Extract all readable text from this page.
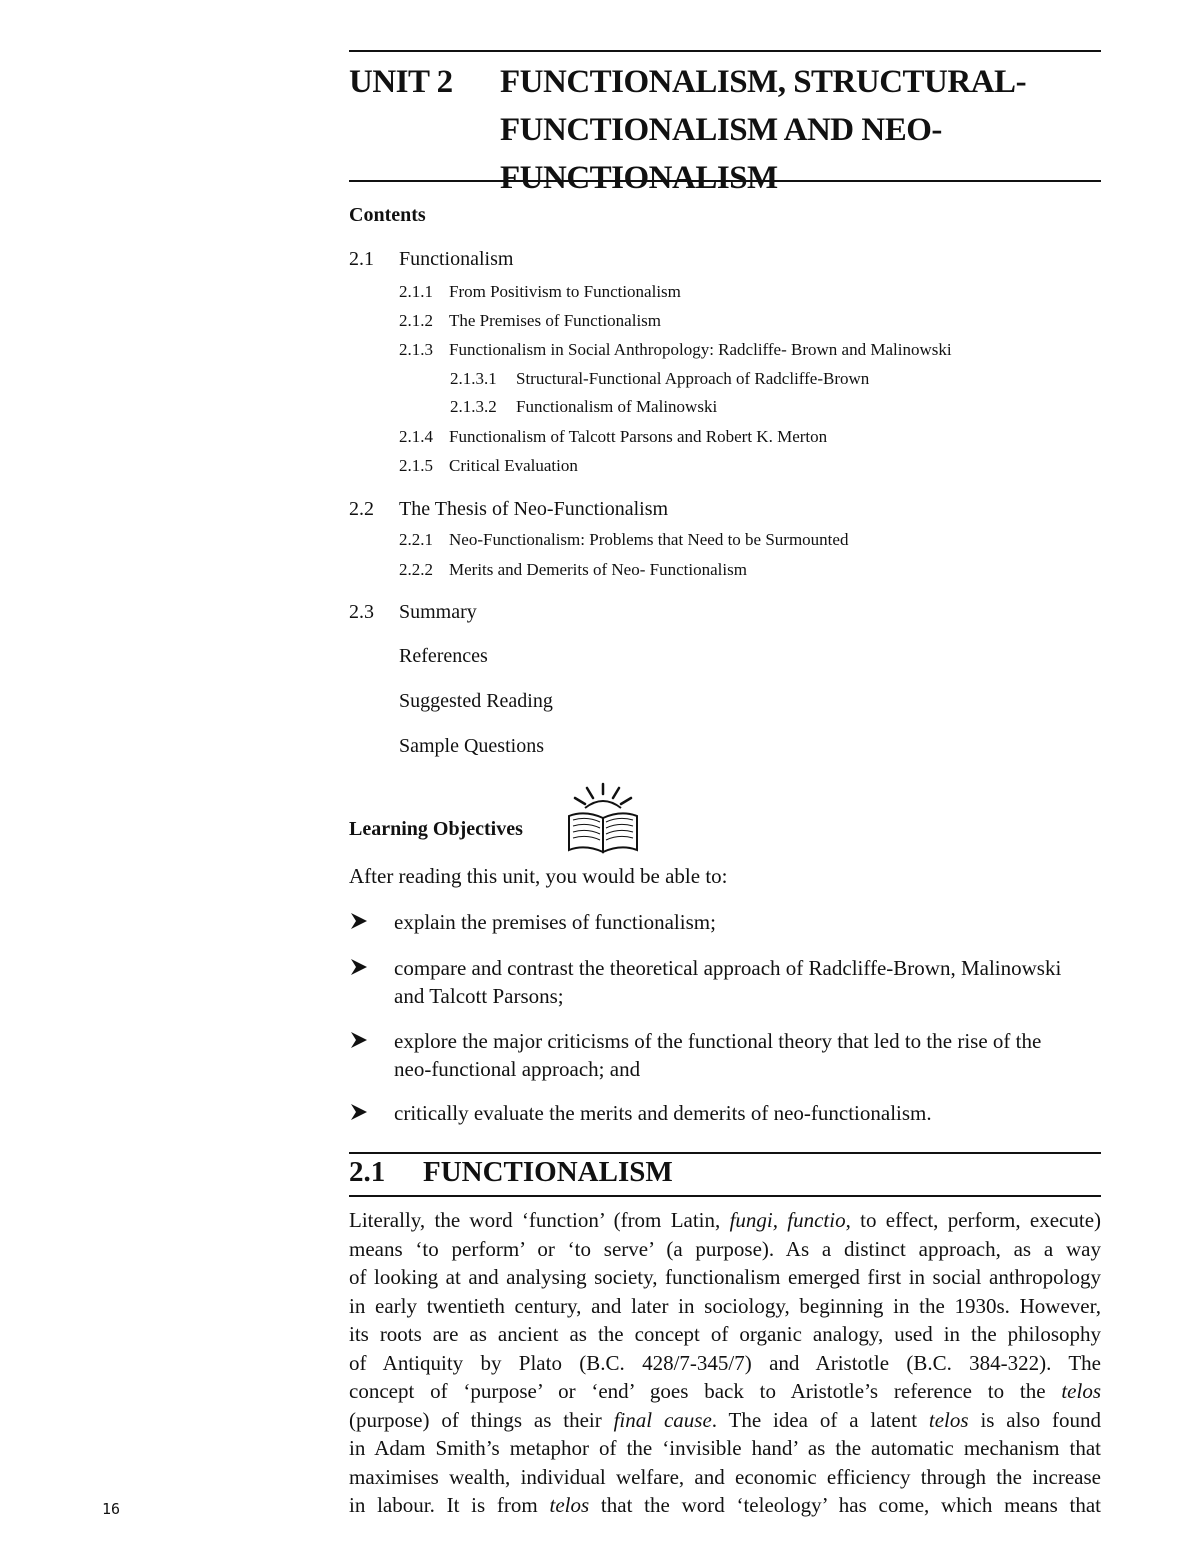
UNIT 2	FUNCTIONALISM, STRUCTURAL-
FUNCTIONALISM AND NEO-
FUNCTIONALISM
Contents
2.1 Functionalism
2.1.1 From Positivism to Functionalism
2.1.2 The Premises of Functionalism
2.1.3 Functionalism in Social Anthropology: Radcliffe- Brown and Malinowski
2.1.3.1 Structural-Functional Approach of Radcliffe-Brown
2.1.3.2 Functionalism of Malinowski
2.1.4 Functionalism of Talcott Parsons and Robert K. Merton
2.1.5 Critical Evaluation
2.2 The Thesis of Neo-Functionalism
2.2.1 Neo-Functionalism: Problems that Need to be Surmounted
2.2.2 Merits and Demerits of Neo- Functionalism
2.3 Summary
References
Suggested Reading
Sample Questions
Learning Objectives
After reading this unit, you would be able to:
explain the premises of functionalism;
compare and contrast the theoretical approach of Radcliffe-Brown, Malinowski
and Talcott Parsons;
explore the major criticisms of the functional theory that led to the rise of the
neo-functional approach; and
critically evaluate the merits and demerits of neo-functionalism.
2.1	FUNCTIONALISM
Literally, the word ‘function’ (from Latin, fungi, functio, to effect, perform, execute)
means ‘to perform’ or ‘to serve’ (a purpose). As a distinct approach, as a way
of looking at and analysing society, functionalism emerged first in social anthropology
in early twentieth century, and later in sociology, beginning in the 1930s. However,
its roots are as ancient as the concept of organic analogy, used in the philosophy
of Antiquity by Plato (B.C. 428/7-345/7) and Aristotle (B.C. 384-322). The
concept of ‘purpose’ or ‘end’ goes back to Aristotle’s reference to the telos
(purpose) of things as their final cause. The idea of a latent telos is also found
in Adam Smith’s metaphor of the ‘invisible hand’ as the automatic mechanism that
maximises wealth, individual welfare, and economic efficiency through the increase
in labour. It is from telos that the word ‘teleology’ has come, which means that
16
